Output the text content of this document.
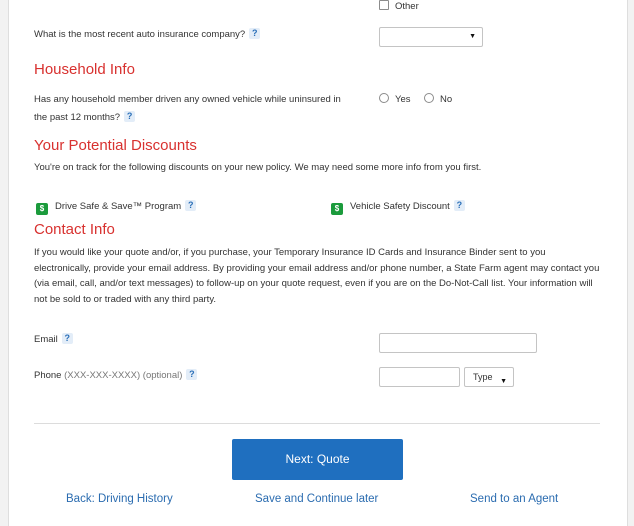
Other
What is the most recent auto insurance company? ?	▼
Household Info
Has any household member driven any owned vehicle while uninsured in
the past 12 months? ?
Yes	No
Your Potential Discounts
You're on track for the following discounts on your new policy. We may need some more info from you first.
$ Drive Safe & Save™ Program ?	$ Vehicle Safety Discount ?
Contact Info
If you would like your quote and/or, if you purchase, your Temporary Insurance ID Cards and Insurance Binder sent to you
electronically, provide your email address. By providing your email address and/or phone number, a State Farm agent may contact you
(via email, call, and/or text messages) to follow-up on your quote request, even if you are on the Do-Not-Call list. Your information will
not be sold to or traded with any third party.
Email ?
Phone (XXX-XXX-XXXX) (optional) ?	Type ▼
Next: Quote
Back: Driving History	Save and Continue later	Send to an Agent
